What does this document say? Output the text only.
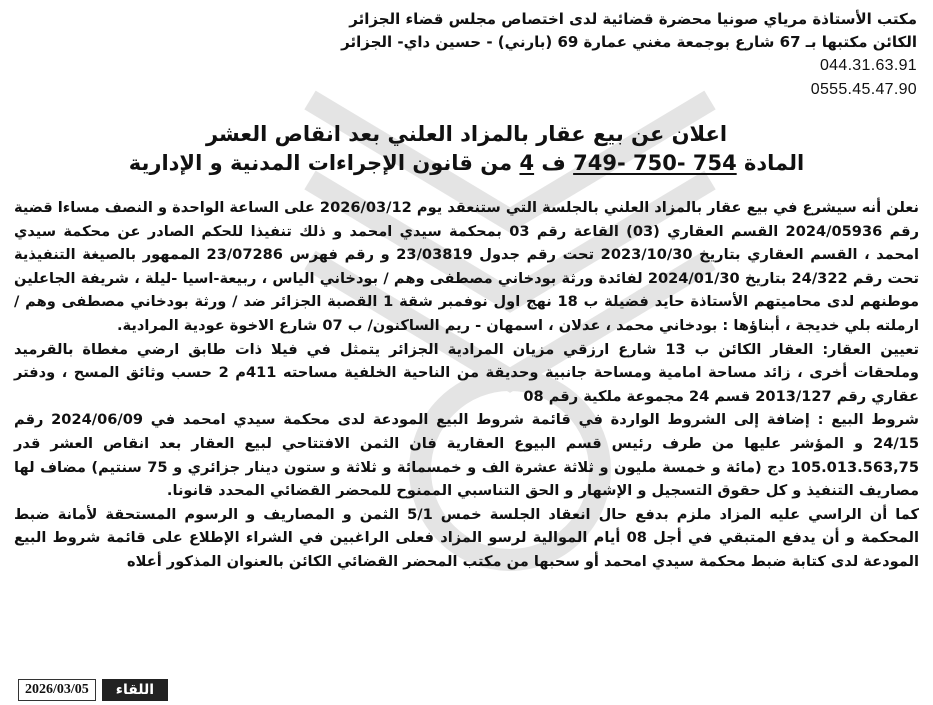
مكتب الأستاذة مرياي صونيا محضرة قضائية لدى اختصاص مجلس قضاء الجزائر
الكائن مكتبها بـ 67 شارع بوجمعة مغني عمارة 69 (بارني) - حسين داي- الجزائر
044.31.63.91
0555.45.47.90
اعلان عن بيع عقار بالمزاد العلني بعد انقاص العشر
المادة 749- 750- 754 ف 4 من قانون الإجراءات المدنية و الإدارية

نعلن أنه سيشرع في بيع عقار بالمزاد العلني بالجلسة التي ستنعقد يوم 2026/03/12 على الساعة الواحدة و النصف مساءا قضية رقم 2024/05936 القسم العقاري (03) القاعة رقم 03 بمحكمة سيدي امحمد و ذلك تنفيذا للحكم الصادر عن محكمة سيدي امحمد ، القسم العقاري بتاريخ 2023/10/30 تحت رقم جدول 23/03819 و رقم فهرس 23/07286 الممهور بالصيغة التنفيذية تحت رقم 24/322 بتاريخ 2024/01/30 لفائدة ورثة بودخاني مصطفى وهم / بودخاني الياس ، ربيعة-اسيا -ليلة ، شريفة الجاعلين موطنهم لدى محاميتهم الأستاذة حايد فضيلة ب 18 نهج اول نوفمبر شقة 1 القصبة الجزائر ضد / ورثة بودخاني مصطفى وهم / ارملته بلي خديجة ، أبناؤها : بودخاني محمد ، عدلان ، اسمهان - ريم الساكنون/ ب 07 شارع الاخوة عودية المرادية.

تعيين العقار: العقار الكائن ب 13 شارع ارزقي مزيان المرادية الجزائر يتمثل في فيلا ذات طابق ارضي مغطاة بالقرميد وملحقات أخرى ، زائد مساحة امامية ومساحة جانبية وحديقة من الناحية الخلفية مساحته 411م 2 حسب وثائق المسح ، ودفتر عقاري رقم 2013/127 قسم 24 مجموعة ملكية رقم 08

شروط البيع : إضافة إلى الشروط الواردة في قائمة شروط البيع المودعة لدى محكمة سيدي امحمد في 2024/06/09 رقم 24/15 و المؤشر عليها من طرف رئيس قسم البيوع العقارية فان الثمن الافتتاحي لبيع العقار بعد انقاص العشر قدر 105.013.563,75 دج (مائة و خمسة مليون و ثلاثة عشرة الف و خمسمائة و ثلاثة و ستون دينار جزائري و 75 سنتيم) مضاف لها مصاريف التنفيذ و كل حقوق التسجيل و الإشهار و الحق التناسبي الممنوح للمحضر القضائي المحدد قانونا.

كما أن الراسي عليه المزاد ملزم بدفع حال انعقاد الجلسة خمس 5/1 الثمن و المصاريف و الرسوم المستحقة لأمانة ضبط المحكمة و أن يدفع المتبقي في أجل 08 أيام الموالية لرسو المزاد فعلى الراغبين في الشراء الإطلاع على قائمة شروط البيع المودعة لدى كتابة ضبط محكمة سيدي امحمد أو سحبها من مكتب المحضر القضائي الكائن بالعنوان المذكور أعلاه

2026/03/05	اللقاء
